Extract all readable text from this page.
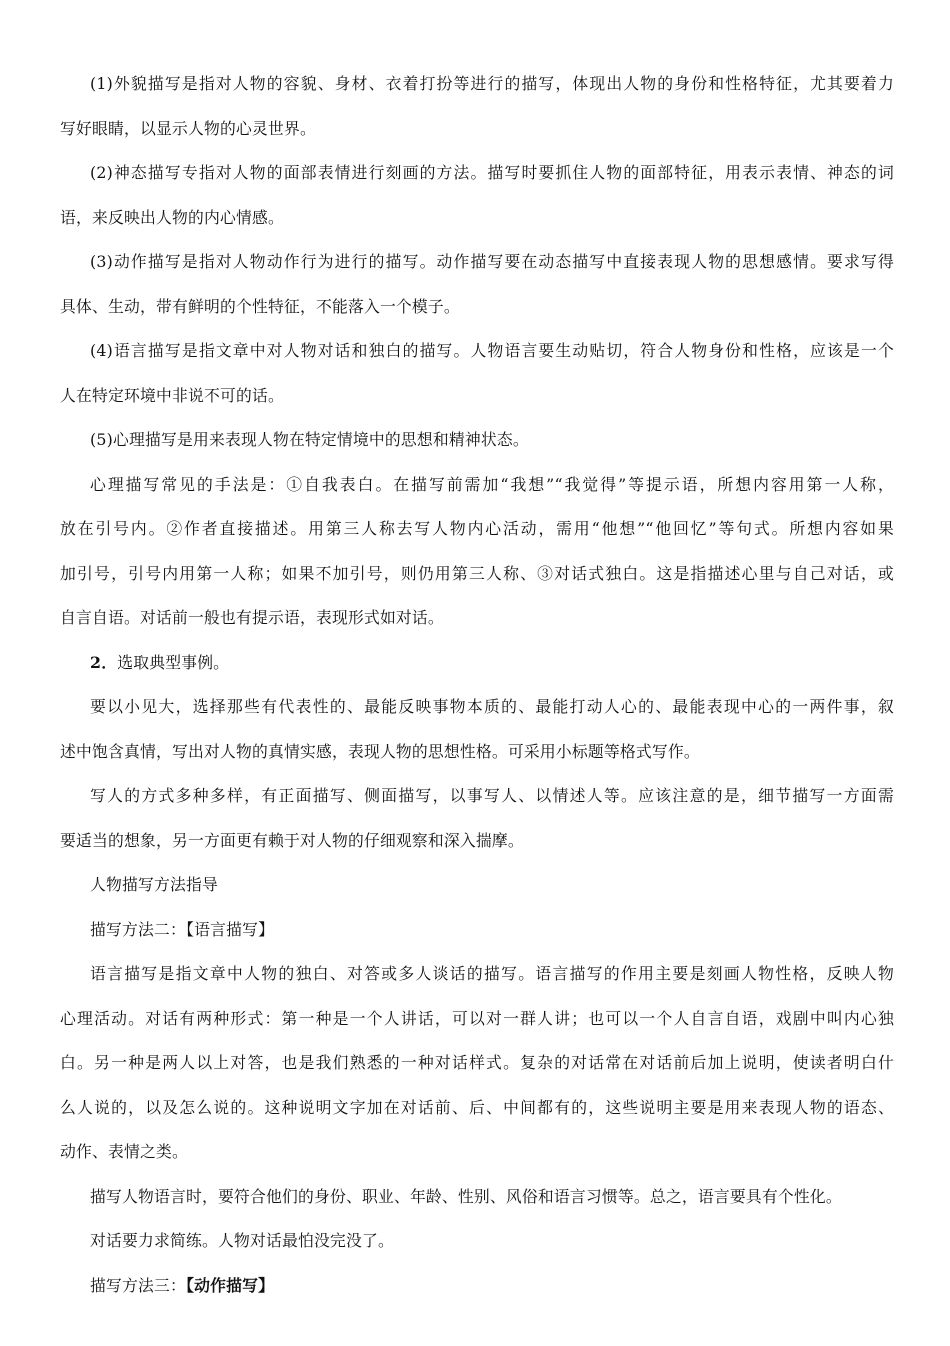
(1)外貌描写是指对人物的容貌、身材、衣着打扮等进行的描写，体现出人物的身份和性格特征，尤其要着力
写好眼睛，以显示人物的心灵世界。
(2)神态描写专指对人物的面部表情进行刻画的方法。描写时要抓住人物的面部特征，用表示表情、神态的词
语，来反映出人物的内心情感。
(3)动作描写是指对人物动作行为进行的描写。动作描写要在动态描写中直接表现人物的思想感情。要求写得
具体、生动，带有鲜明的个性特征，不能落入一个模子。
(4)语言描写是指文章中对人物对话和独白的描写。人物语言要生动贴切，符合人物身份和性格，应该是一个
人在特定环境中非说不可的话。
(5)心理描写是用来表现人物在特定情境中的思想和精神状态。
心理描写常见的手法是：①自我表白。在描写前需加“我想”“我觉得”等提示语，所想内容用第一人称，
放在引号内。②作者直接描述。用第三人称去写人物内心活动，需用“他想”“他回忆”等句式。所想内容如果
加引号，引号内用第一人称；如果不加引号，则仍用第三人称、③对话式独白。这是指描述心里与自己对话，或
自言自语。对话前一般也有提示语，表现形式如对话。
2．选取典型事例。
要以小见大，选择那些有代表性的、最能反映事物本质的、最能打动人心的、最能表现中心的一两件事，叙
述中饱含真情，写出对人物的真情实感，表现人物的思想性格。可采用小标题等格式写作。
写人的方式多种多样，有正面描写、侧面描写，以事写人、以情述人等。应该注意的是，细节描写一方面需
要适当的想象，另一方面更有赖于对人物的仔细观察和深入揣摩。
人物描写方法指导
描写方法二：【语言描写】
语言描写是指文章中人物的独白、对答或多人谈话的描写。语言描写的作用主要是刻画人物性格，反映人物
心理活动。对话有两种形式：第一种是一个人讲话，可以对一群人讲；也可以一个人自言自语，戏剧中叫内心独
白。另一种是两人以上对答，也是我们熟悉的一种对话样式。复杂的对话常在对话前后加上说明，使读者明白什
么人说的，以及怎么说的。这种说明文字加在对话前、后、中间都有的，这些说明主要是用来表现人物的语态、
动作、表情之类。
描写人物语言时，要符合他们的身份、职业、年龄、性别、风俗和语言习惯等。总之，语言要具有个性化。
对话要力求简练。人物对话最怕没完没了。
描写方法三：【动作描写】
